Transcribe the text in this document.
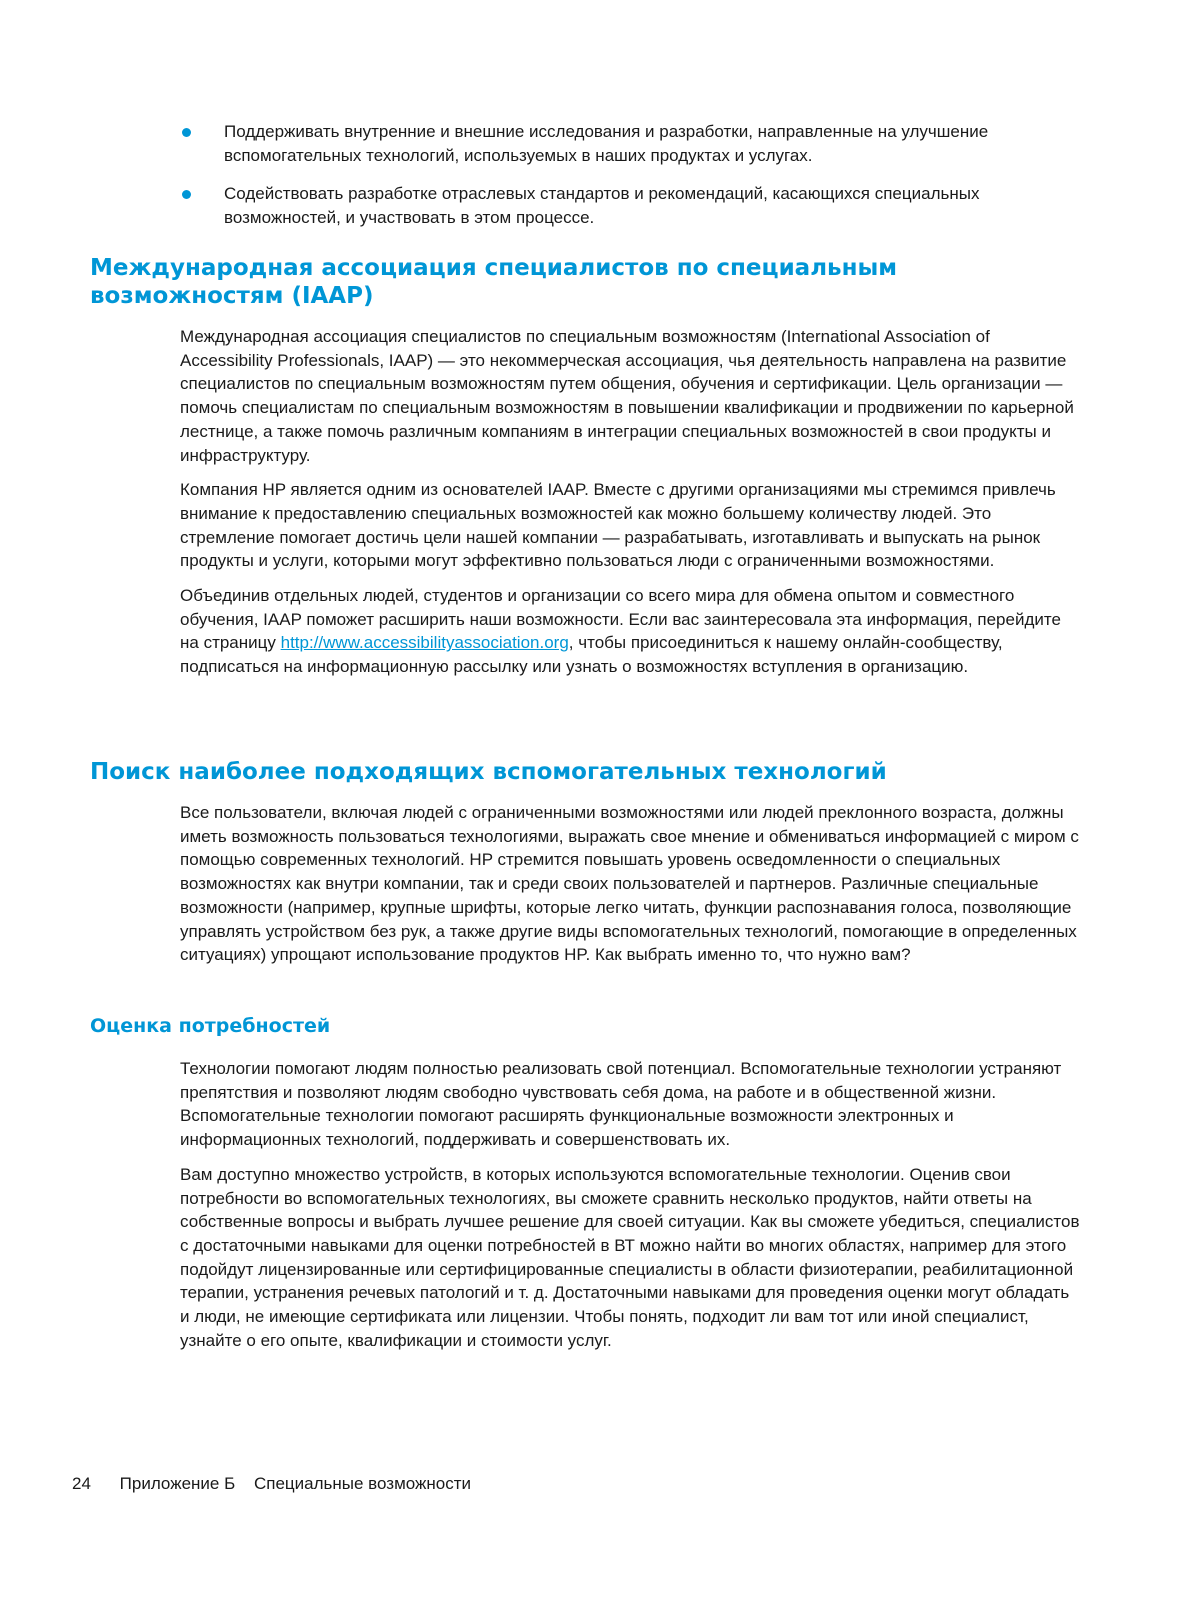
Поддерживать внутренние и внешние исследования и разработки, направленные на улучшение вспомогательных технологий, используемых в наших продуктах и услугах.
Содействовать разработке отраслевых стандартов и рекомендаций, касающихся специальных возможностей, и участвовать в этом процессе.
Международная ассоциация специалистов по специальным возможностям (IAAP)

Международная ассоциация специалистов по специальным возможностям (International Association of Accessibility Professionals, IAAP) — это некоммерческая ассоциация, чья деятельность направлена на развитие специалистов по специальным возможностям путем общения, обучения и сертификации. Цель организации — помочь специалистам по специальным возможностям в повышении квалификации и продвижении по карьерной лестнице, а также помочь различным компаниям в интеграции специальных возможностей в свои продукты и инфраструктуру.

Компания HP является одним из основателей IAAP. Вместе с другими организациями мы стремимся привлечь внимание к предоставлению специальных возможностей как можно большему количеству людей. Это стремление помогает достичь цели нашей компании — разрабатывать, изготавливать и выпускать на рынок продукты и услуги, которыми могут эффективно пользоваться люди с ограниченными возможностями.

Объединив отдельных людей, студентов и организации со всего мира для обмена опытом и совместного обучения, IAAP поможет расширить наши возможности. Если вас заинтересовала эта информация, перейдите на страницу http://www.accessibilityassociation.org, чтобы присоединиться к нашему онлайн-сообществу, подписаться на информационную рассылку или узнать о возможностях вступления в организацию.

Поиск наиболее подходящих вспомогательных технологий

Все пользователи, включая людей с ограниченными возможностями или людей преклонного возраста, должны иметь возможность пользоваться технологиями, выражать свое мнение и обмениваться информацией с миром с помощью современных технологий. HP стремится повышать уровень осведомленности о специальных возможностях как внутри компании, так и среди своих пользователей и партнеров. Различные специальные возможности (например, крупные шрифты, которые легко читать, функции распознавания голоса, позволяющие управлять устройством без рук, а также другие виды вспомогательных технологий, помогающие в определенных ситуациях) упрощают использование продуктов HP. Как выбрать именно то, что нужно вам?

Оценка потребностей

Технологии помогают людям полностью реализовать свой потенциал. Вспомогательные технологии устраняют препятствия и позволяют людям свободно чувствовать себя дома, на работе и в общественной жизни. Вспомогательные технологии помогают расширять функциональные возможности электронных и информационных технологий, поддерживать и совершенствовать их.

Вам доступно множество устройств, в которых используются вспомогательные технологии. Оценив свои потребности во вспомогательных технологиях, вы сможете сравнить несколько продуктов, найти ответы на собственные вопросы и выбрать лучшее решение для своей ситуации. Как вы сможете убедиться, специалистов с достаточными навыками для оценки потребностей в ВТ можно найти во многих областях, например для этого подойдут лицензированные или сертифицированные специалисты в области физиотерапии, реабилитационной терапии, устранения речевых патологий и т. д. Достаточными навыками для проведения оценки могут обладать и люди, не имеющие сертификата или лицензии. Чтобы понять, подходит ли вам тот или иной специалист, узнайте о его опыте, квалификации и стоимости услуг.

24 Приложение Б Специальные возможности
